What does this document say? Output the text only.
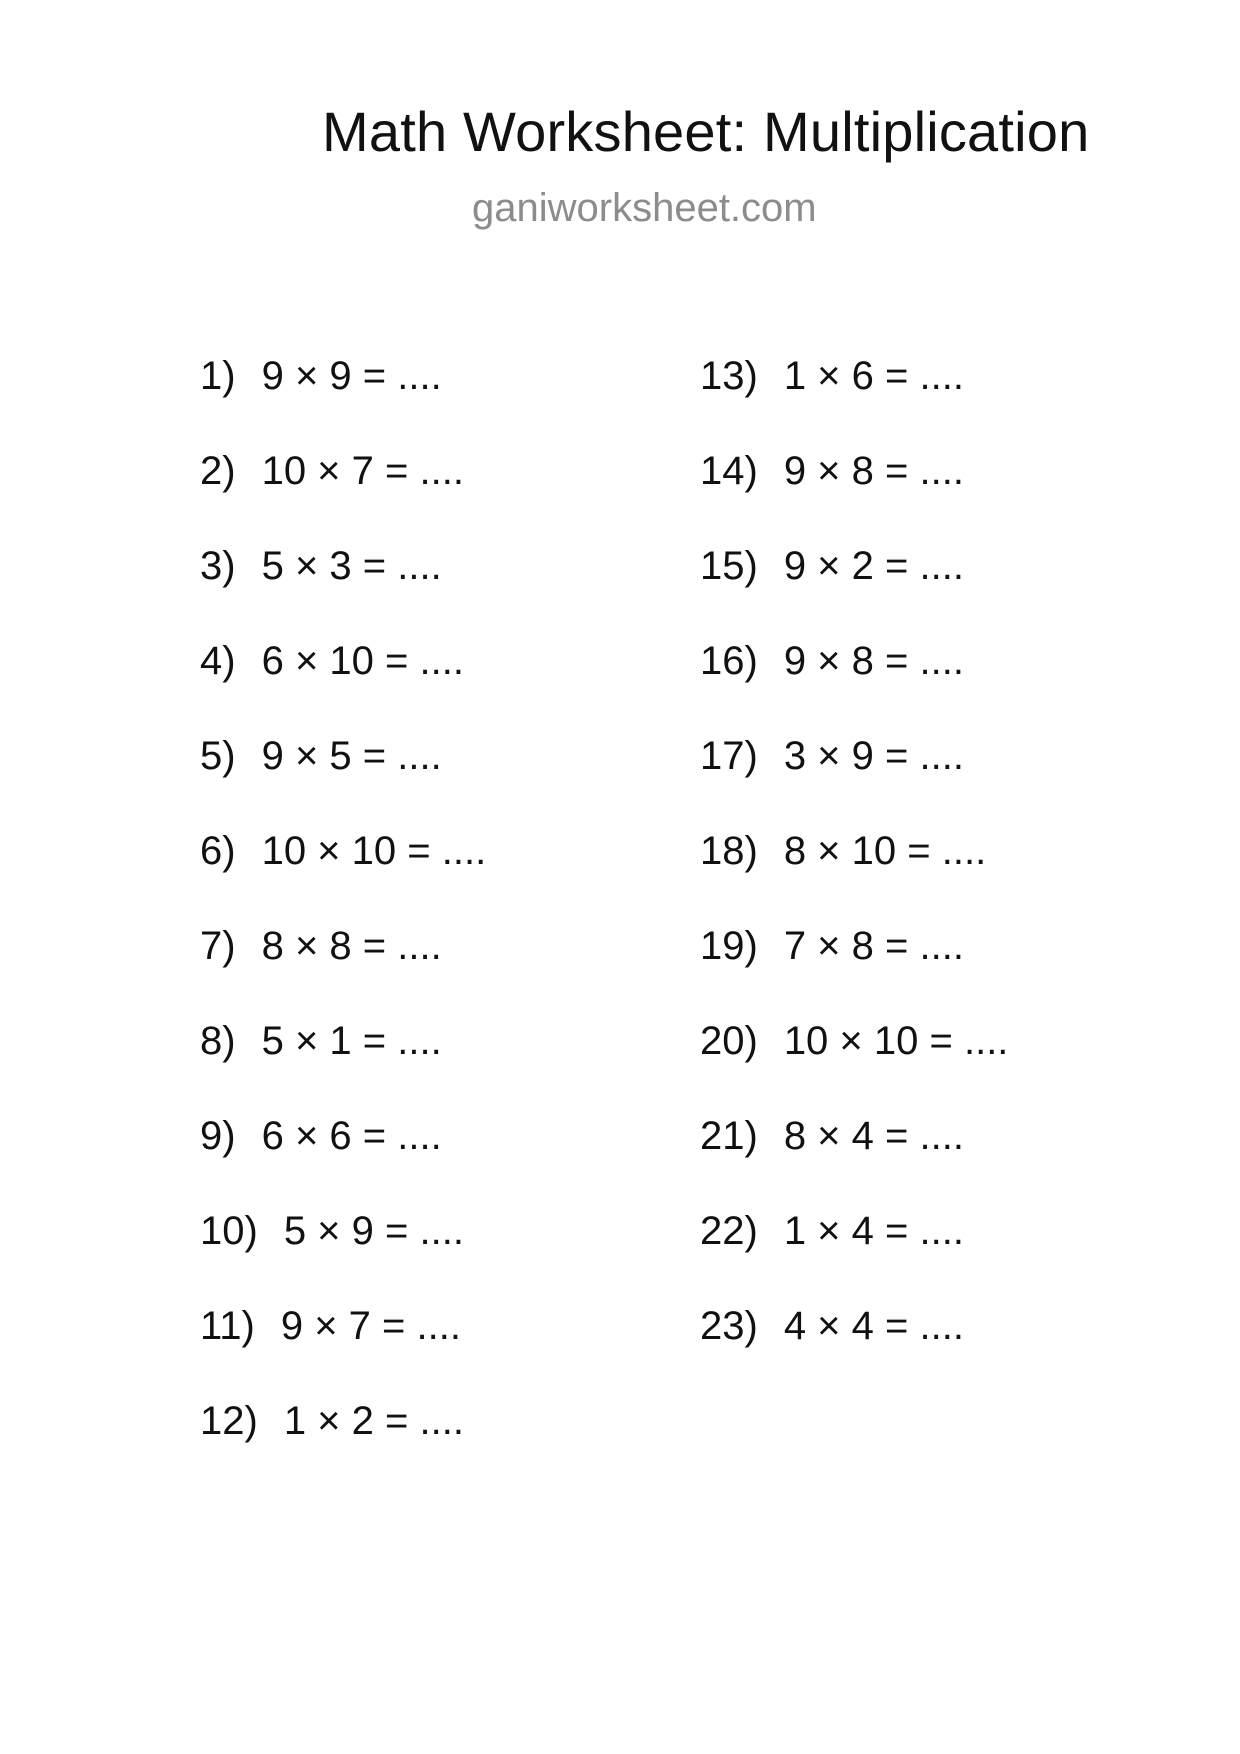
Math Worksheet: Multiplication
ganiworksheet.com
1) 9 × 9 = ....
2) 10 × 7 = ....
3) 5 × 3 = ....
4) 6 × 10 = ....
5) 9 × 5 = ....
6) 10 × 10 = ....
7) 8 × 8 = ....
8) 5 × 1 = ....
9) 6 × 6 = ....
10) 5 × 9 = ....
11) 9 × 7 = ....
12) 1 × 2 = ....
13) 1 × 6 = ....
14) 9 × 8 = ....
15) 9 × 2 = ....
16) 9 × 8 = ....
17) 3 × 9 = ....
18) 8 × 10 = ....
19) 7 × 8 = ....
20) 10 × 10 = ....
21) 8 × 4 = ....
22) 1 × 4 = ....
23) 4 × 4 = ....
